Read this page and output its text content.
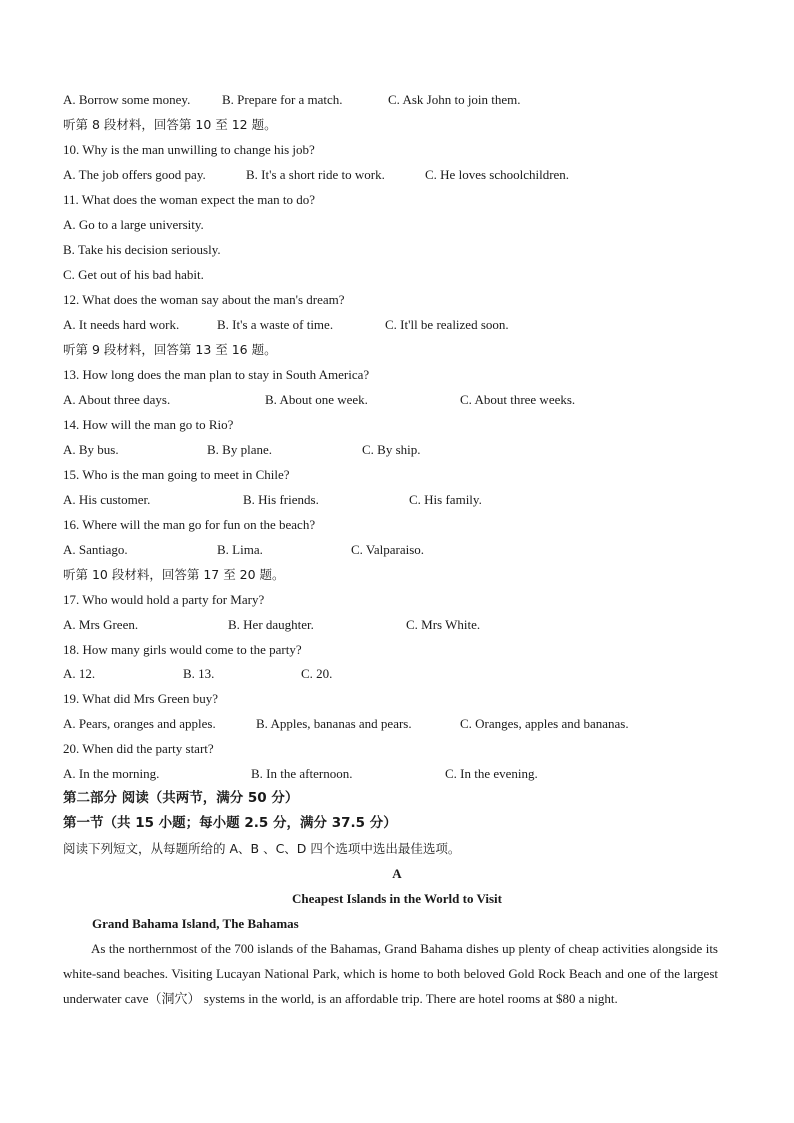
A. Borrow some money. B. Prepare for a match.	C. Ask John to join them.
听第 8 段材料，回答第 10 至 12 题。
10. Why is the man unwilling to change his job?
A. The job offers good pay.	B. It's a short ride to work.	C. He loves schoolchildren.
11. What does the woman expect the man to do?
A. Go to a large university.
B. Take his decision seriously.
C. Get out of his bad habit.
12. What does the woman say about the man's dream?
A. It needs hard work.	B. It's a waste of time.	C. It'll be realized soon.
听第 9 段材料，回答第 13 至 16 题。
13. How long does the man plan to stay in South America?
A. About three days.	B. About one week.	C. About three weeks.
14. How will the man go to Rio?
A. By bus.	B. By plane.	C. By ship.
15. Who is the man going to meet in Chile?
A. His customer.	B. His friends.	C. His family.
16. Where will the man go for fun on the beach?
A. Santiago.	B. Lima.	C. Valparaiso.
听第 10 段材料，回答第 17 至 20 题。
17. Who would hold a party for Mary?
A. Mrs Green.	B. Her daughter.	C. Mrs White.
18. How many girls would come to the party?
A. 12.	B. 13.	C. 20.
19. What did Mrs Green buy?
A. Pears, oranges and apples.	B. Apples, bananas and pears.	C. Oranges, apples and bananas.
20. When did the party start?
A. In the morning.	B. In the afternoon.	C. In the evening.
第二部分 阅读（共两节，满分 50 分）
第一节（共 15 小题；每小题 2.5 分，满分 37.5 分）
阅读下列短文，从每题所给的 A、B 、C、D 四个选项中选出最佳选项。
A
Cheapest Islands in the World to Visit
Grand Bahama Island, The Bahamas
As the northernmost of the 700 islands of the Bahamas, Grand Bahama dishes up plenty of cheap activities alongside its white-sand beaches. Visiting Lucayan National Park, which is home to both beloved Gold Rock Beach and one of the largest underwater cave（洞穴） systems in the world, is an affordable trip. There are hotel rooms at $80 a night.
